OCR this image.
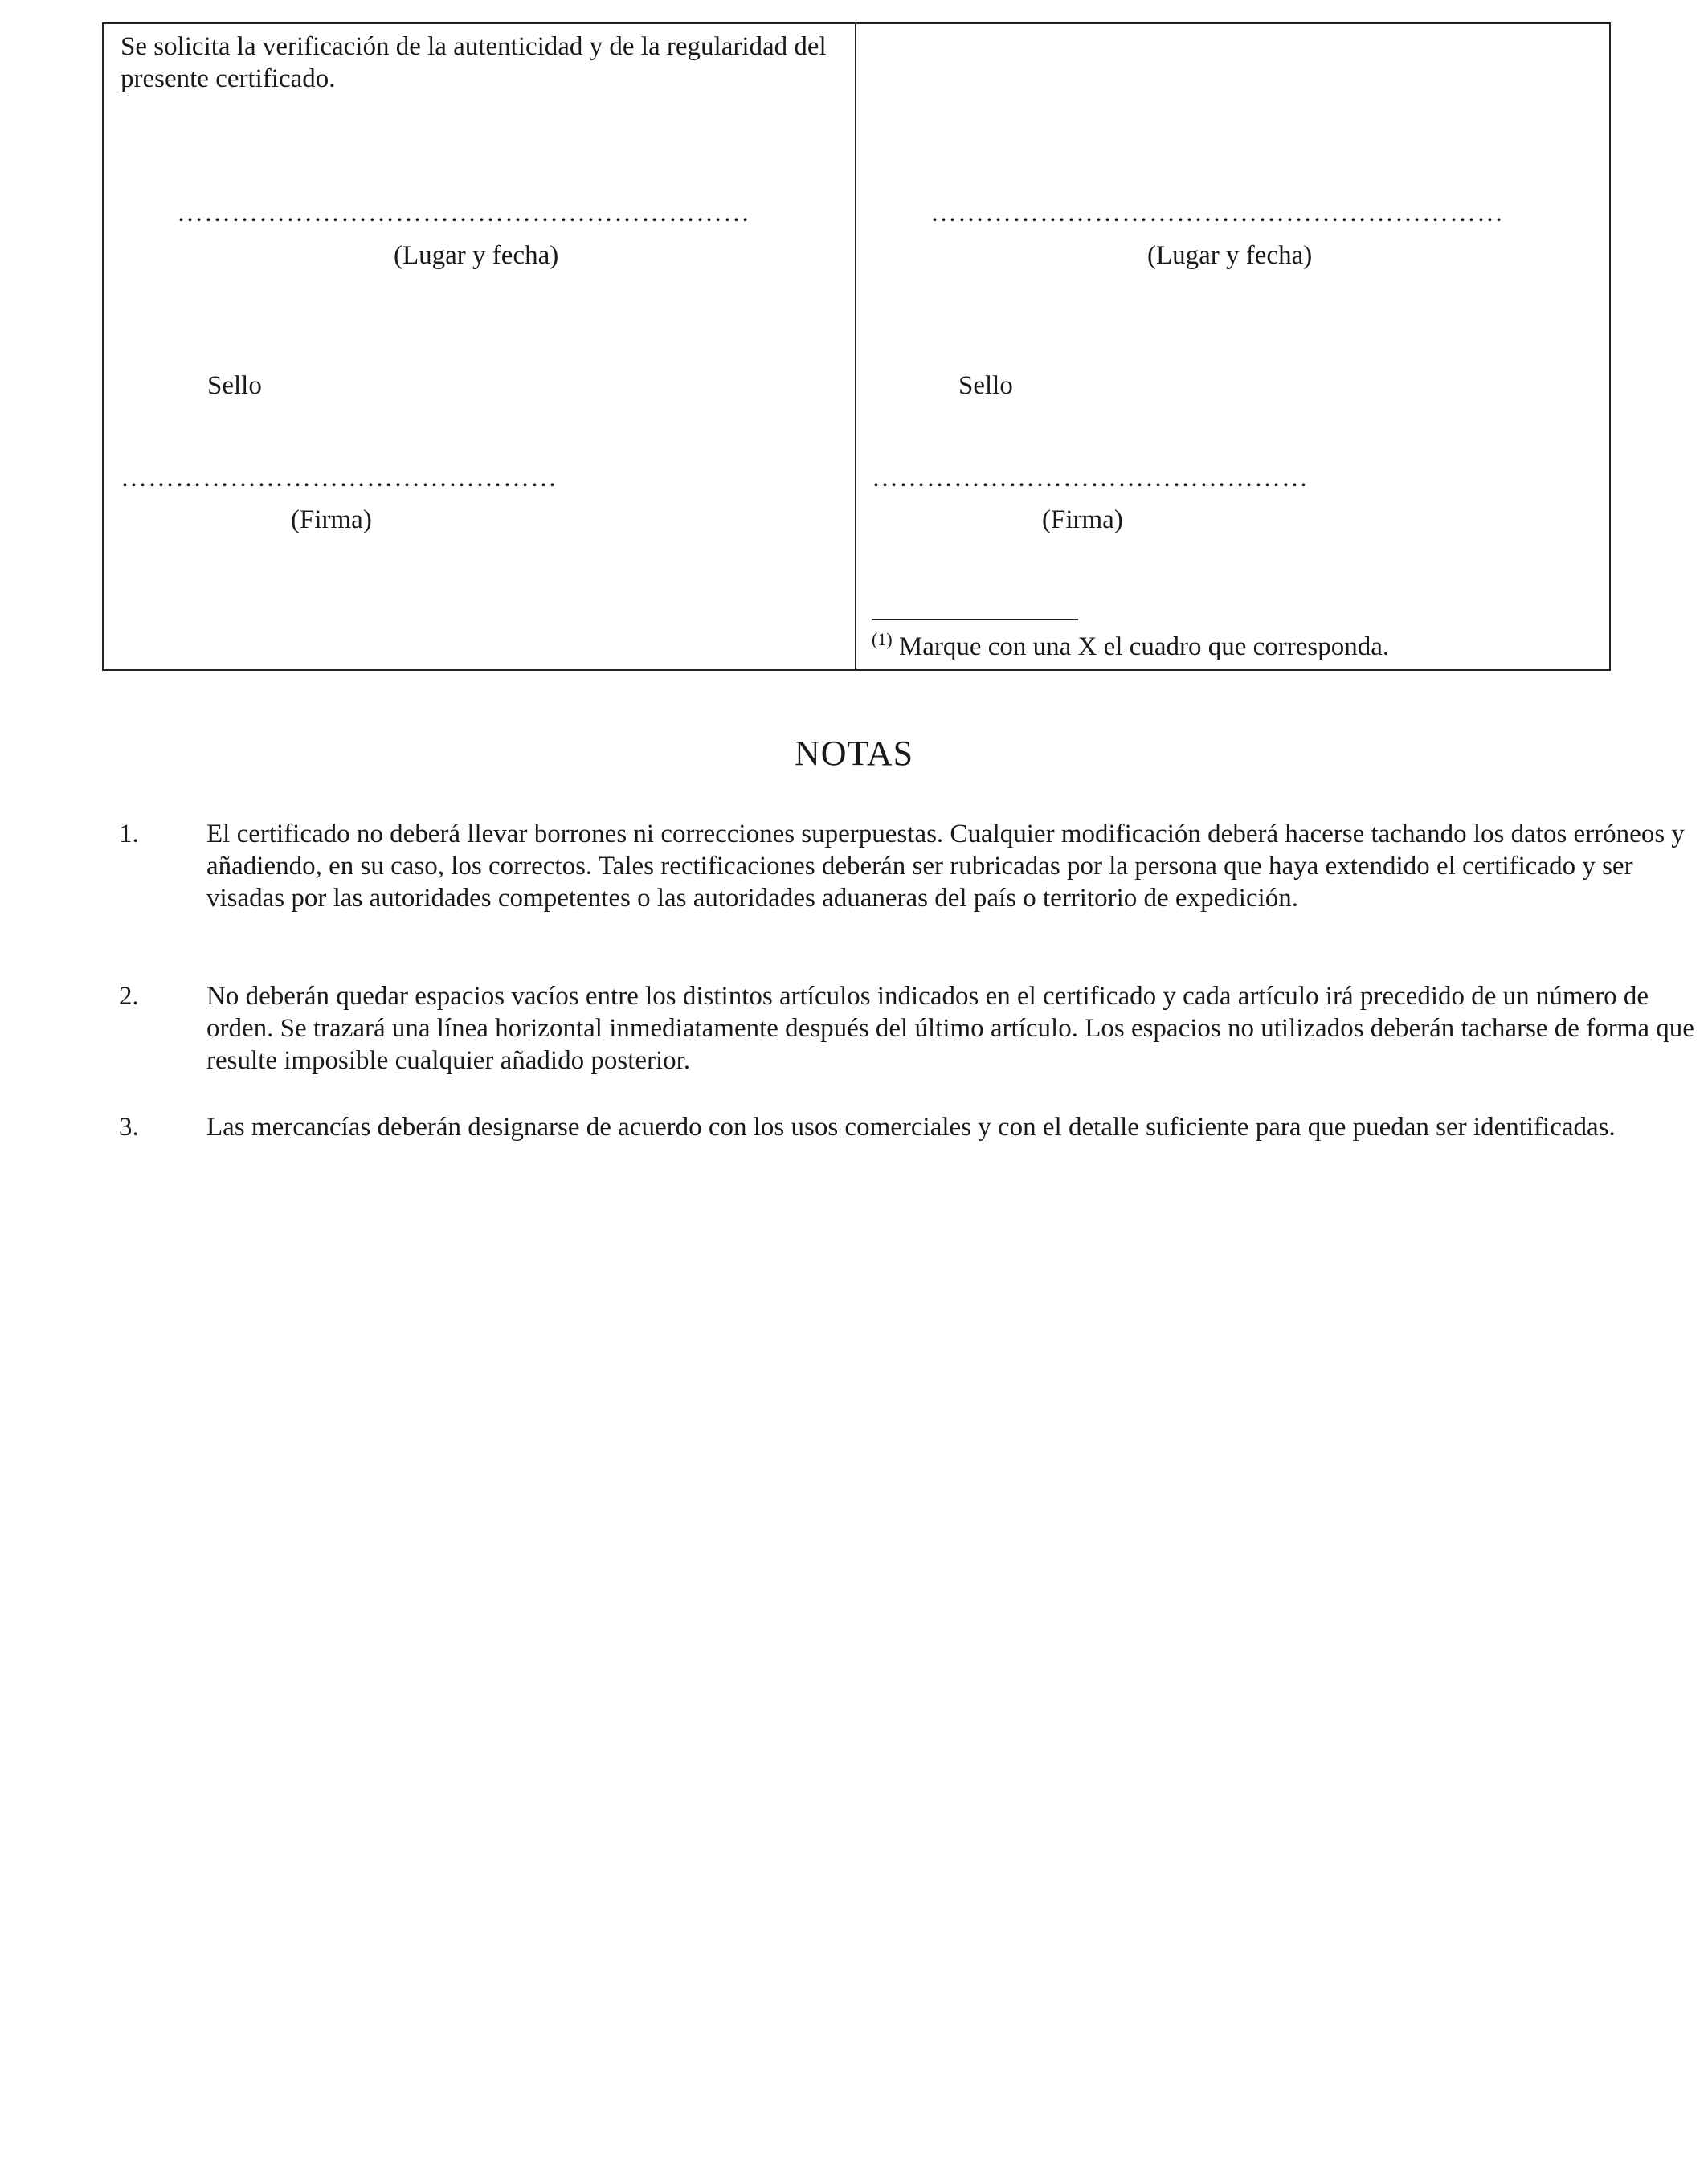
Se solicita la verificación de la autenticidad y de la regularidad del presente certificado.
………………………………………………………
(Lugar y fecha)
Sello
…………………………………………
(Firma)
………………………………………………………
(Lugar y fecha)
Sello
…………………………………………
(Firma)
$^{(1)}$ Marque con una X el cuadro que corresponda.
NOTAS
1.	El certificado no deberá llevar borrones ni correcciones superpuestas. Cualquier modificación deberá hacerse tachando los datos erróneos y añadiendo, en su caso, los correctos. Tales rectificaciones deberán ser rubricadas por la persona que haya extendido el certificado y ser visadas por las autoridades competentes o las autoridades aduaneras del país o territorio de expedición.
2.	No deberán quedar espacios vacíos entre los distintos artículos indicados en el certificado y cada artículo irá precedido de un número de orden. Se trazará una línea horizontal inmediatamente después del último artículo. Los espacios no utilizados deberán tacharse de forma que resulte imposible cualquier añadido posterior.
3.	Las mercancías deberán designarse de acuerdo con los usos comerciales y con el detalle suficiente para que puedan ser identificadas.
